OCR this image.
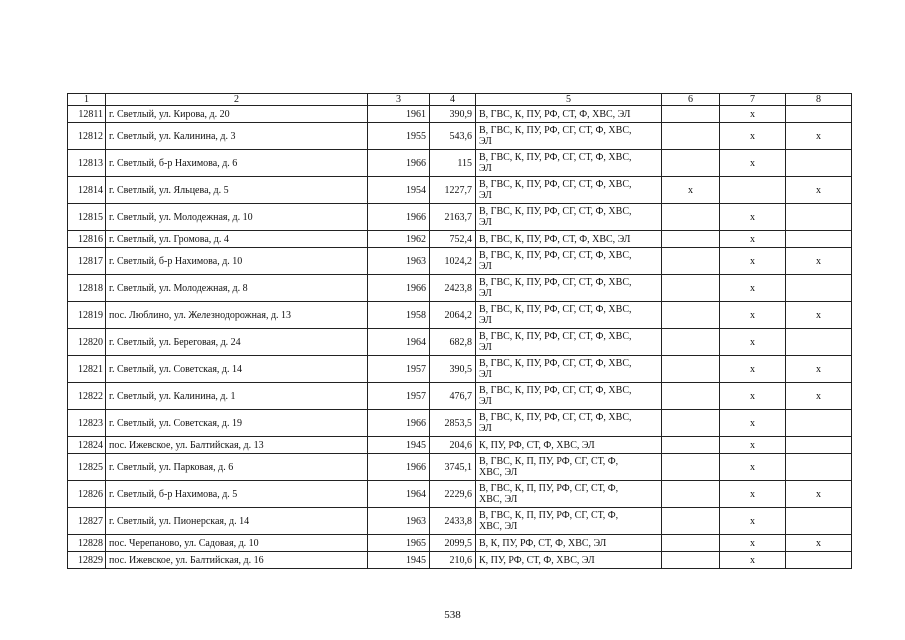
1	2	3	4	5	6	7	8
12811	г. Светлый, ул. Кирова, д. 20	1961	390,9	В, ГВС, К, ПУ, РФ, СТ, Ф, ХВС, ЭЛ		x	
12812	г. Светлый, ул. Калинина, д. 3	1955	543,6	В, ГВС, К, ПУ, РФ, СГ, СТ, Ф, ХВС,
ЭЛ		x	x
12813	г. Светлый, б-р Нахимова, д. 6	1966	115	В, ГВС, К, ПУ, РФ, СГ, СТ, Ф, ХВС,
ЭЛ		x	
12814	г. Светлый, ул. Яльцева, д. 5	1954	1227,7	В, ГВС, К, ПУ, РФ, СГ, СТ, Ф, ХВС,
ЭЛ	x		x
12815	г. Светлый, ул. Молодежная, д. 10	1966	2163,7	В, ГВС, К, ПУ, РФ, СГ, СТ, Ф, ХВС,
ЭЛ		x	
12816	г. Светлый, ул. Громова, д. 4	1962	752,4	В, ГВС, К, ПУ, РФ, СТ, Ф, ХВС, ЭЛ		x	
12817	г. Светлый, б-р Нахимова, д. 10	1963	1024,2	В, ГВС, К, ПУ, РФ, СГ, СТ, Ф, ХВС,
ЭЛ		x	x
12818	г. Светлый, ул. Молодежная, д. 8	1966	2423,8	В, ГВС, К, ПУ, РФ, СГ, СТ, Ф, ХВС,
ЭЛ		x	
12819	пос. Люблино, ул. Железнодорожная, д. 13	1958	2064,2	В, ГВС, К, ПУ, РФ, СГ, СТ, Ф, ХВС,
ЭЛ		x	x
12820	г. Светлый, ул. Береговая, д. 24	1964	682,8	В, ГВС, К, ПУ, РФ, СГ, СТ, Ф, ХВС,
ЭЛ		x	
12821	г. Светлый, ул. Советская, д. 14	1957	390,5	В, ГВС, К, ПУ, РФ, СГ, СТ, Ф, ХВС,
ЭЛ		x	x
12822	г. Светлый, ул. Калинина, д. 1	1957	476,7	В, ГВС, К, ПУ, РФ, СГ, СТ, Ф, ХВС,
ЭЛ		x	x
12823	г. Светлый, ул. Советская, д. 19	1966	2853,5	В, ГВС, К, ПУ, РФ, СГ, СТ, Ф, ХВС,
ЭЛ		x	
12824	пос. Ижевское, ул. Балтийская, д. 13	1945	204,6	К, ПУ, РФ, СТ, Ф, ХВС, ЭЛ		x	
12825	г. Светлый, ул. Парковая, д. 6	1966	3745,1	В, ГВС, К, П, ПУ, РФ, СГ, СТ, Ф,
ХВС, ЭЛ		x	
12826	г. Светлый, б-р Нахимова, д. 5	1964	2229,6	В, ГВС, К, П, ПУ, РФ, СГ, СТ, Ф,
ХВС, ЭЛ		x	x
12827	г. Светлый, ул. Пионерская, д. 14	1963	2433,8	В, ГВС, К, П, ПУ, РФ, СГ, СТ, Ф,
ХВС, ЭЛ		x	
12828	пос. Черепаново, ул. Садовая, д. 10	1965	2099,5	В, К, ПУ, РФ, СТ, Ф, ХВС, ЭЛ		x	x
12829	пос. Ижевское, ул. Балтийская, д. 16	1945	210,6	К, ПУ, РФ, СТ, Ф, ХВС, ЭЛ		x	
538
